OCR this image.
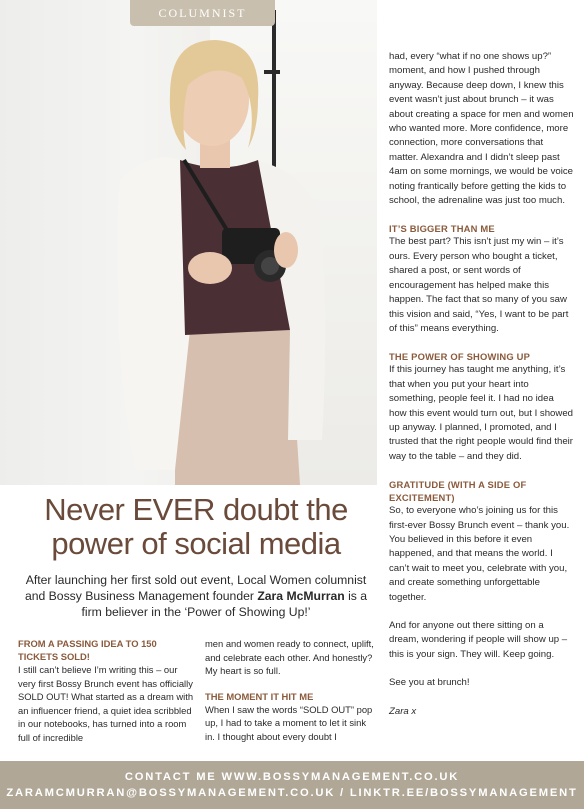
COLUMNIST

had, every “what if no one shows up?” moment, and how I pushed through anyway. Because deep down, I knew this event wasn’t just about brunch – it was about creating a space for men and women who wanted more. More confidence, more connection, more conversations that matter. Alexandra and I didn’t sleep past 4am on some mornings, we would be voice noting frantically before getting the kids to school, the adrenaline was just too much.

IT’S BIGGER THAN ME

The best part? This isn’t just my win – it’s ours. Every person who bought a ticket, shared a post, or sent words of encouragement has helped make this happen. The fact that so many of you saw this vision and said, “Yes, I want to be part of this” means everything.

THE POWER OF SHOWING UP

If this journey has taught me anything, it’s that when you put your heart into something, people feel it. I had no idea how this event would turn out, but I showed up anyway. I planned, I promoted, and I trusted that the right people would find their way to the table – and they did.

GRATITUDE (WITH A SIDE OF EXCITEMENT)

So, to everyone who’s joining us for this first-ever Bossy Brunch event – thank you. You believed in this before it even happened, and that means the world. I can’t wait to meet you, celebrate with you, and create something unforgettable together.

And for anyone out there sitting on a dream, wondering if people will show up – this is your sign. They will. Keep going.

See you at brunch!

Zara x

Never EVER doubt the
power of social media
After launching her first sold out event, Local Women columnist and Bossy Business Management founder Zara McMurran is a firm believer in the ‘Power of Showing Up!’
FROM A PASSING IDEA TO 150 TICKETS SOLD!

I still can’t believe I’m writing this – our very first Bossy Brunch event has officially SOLD OUT! What started as a dream with an influencer friend, a quiet idea scribbled in our notebooks, has turned into a room full of incredible

men and women ready to connect, uplift, and celebrate each other. And honestly? My heart is so full.

THE MOMENT IT HIT ME

When I saw the words “SOLD OUT” pop up, I had to take a moment to let it sink in. I thought about every doubt I

CONTACT ME WWW.BOSSYMANAGEMENT.CO.UK
ZARAMCMURRAN@BOSSYMANAGEMENT.CO.UK / LINKTR.EE/BOSSYMANAGEMENT
